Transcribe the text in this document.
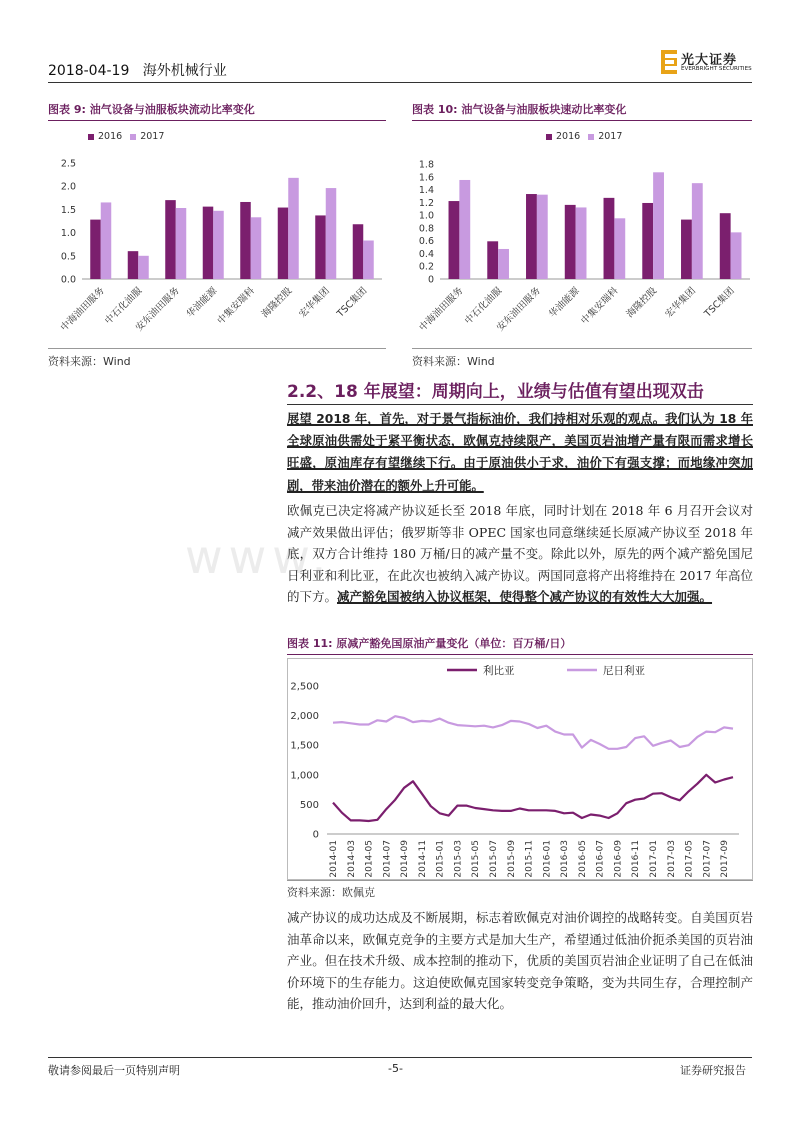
2018-04-19 海外机械行业
光大证券
EVERBRIGHT SECURITIES
www.
图表 9: 油气设备与油服板块流动比率变化
2016 2017
0.0
0.5
1.0
1.5
2.0
2.5
中海油田服务
中石化油服
安东油田服务 华油能源
中集安瑞科 海隆控股 宏华集团 TSC集团
资料来源：Wind
图表 10: 油气设备与油服板块速动比率变化
2016 2017
0
0.2
0.4
0.6
0.8
1.0
1.2
1.4
1.6
1.8
中海油田服务
中石化油服
安东油田服务 华油能源
中集安瑞科 海隆控股 宏华集团 TSC集团
资料来源：Wind
2.2、18 年展望：周期向上，业绩与估值有望出现双击
展望 2018 年，首先，对于景气指标油价，我们持相对乐观的观点。我们认为 18 年全球原油供需处于紧平衡状态，欧佩克持续限产，美国页岩油增产量有限而需求增长旺盛，原油库存有望继续下行。由于原油供小于求，油价下有强支撑；而地缘冲突加剧，带来油价潜在的额外上升可能。
欧佩克已决定将减产协议延长至 2018 年底，同时计划在 2018 年 6 月召开会议对减产效果做出评估；俄罗斯等非 OPEC 国家也同意继续延长原减产协议至 2018 年底，双方合计维持 180 万桶/日的减产量不变。除此以外，原先的两个减产豁免国尼日利亚和利比亚，在此次也被纳入减产协议。两国同意将产出将维持在 2017 年高位的下方。减产豁免国被纳入协议框架，使得整个减产协议的有效性大大加强。
图表 11: 原减产豁免国原油产量变化（单位：百万桶/日）
利比亚	尼日利亚
0
500
1,000
1,500
2,000
2,500
2014-01 2014-03 2014-05 2014-07 2014-09 2014-11 2015-01 2015-03 2015-05 2015-07 2015-09 2015-11 2016-01 2016-03 2016-05 2016-07 2016-09 2016-11 2017-01 2017-03 2017-05 2017-07 2017-09
资料来源：欧佩克
减产协议的成功达成及不断展期，标志着欧佩克对油价调控的战略转变。自美国页岩油革命以来，欧佩克竞争的主要方式是加大生产，希望通过低油价扼杀美国的页岩油产业。但在技术升级、成本控制的推动下，优质的美国页岩油企业证明了自己在低油价环境下的生存能力。这迫使欧佩克国家转变竞争策略，变为共同生存，合理控制产能，推动油价回升，达到利益的最大化。
敬请参阅最后一页特别声明	-5-	证券研究报告
